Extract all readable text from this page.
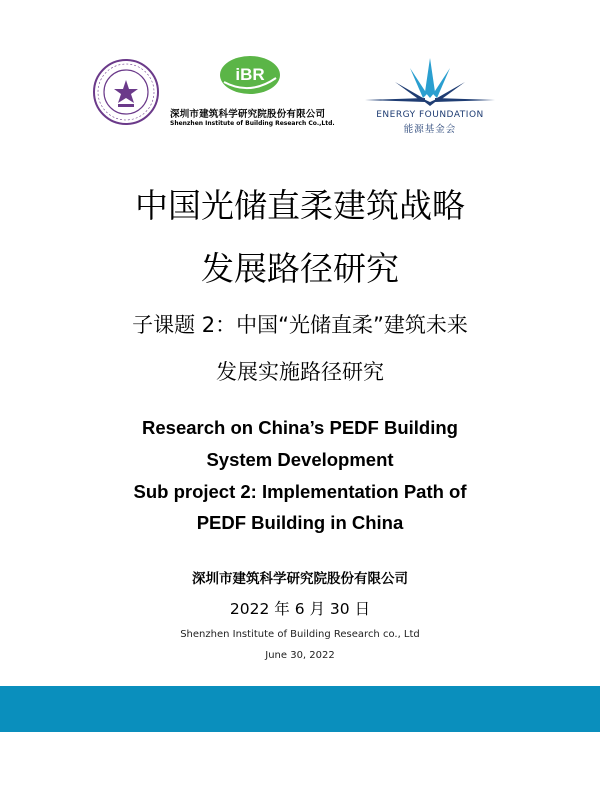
iBR
深圳市建筑科学研究院股份有限公司
Shenzhen Institute of Building Research Co.,Ltd.
ENERGY FOUNDATION
能源基金会
中国光储直柔建筑战略
发展路径研究
子课题 2：中国“光储直柔”建筑未来
发展实施路径研究
Research on China’s PEDF Building
System Development
Sub project 2: Implementation Path of
PEDF Building in China
深圳市建筑科学研究院股份有限公司
2022 年 6 月 30 日
Shenzhen Institute of Building Research co., Ltd
June 30, 2022
